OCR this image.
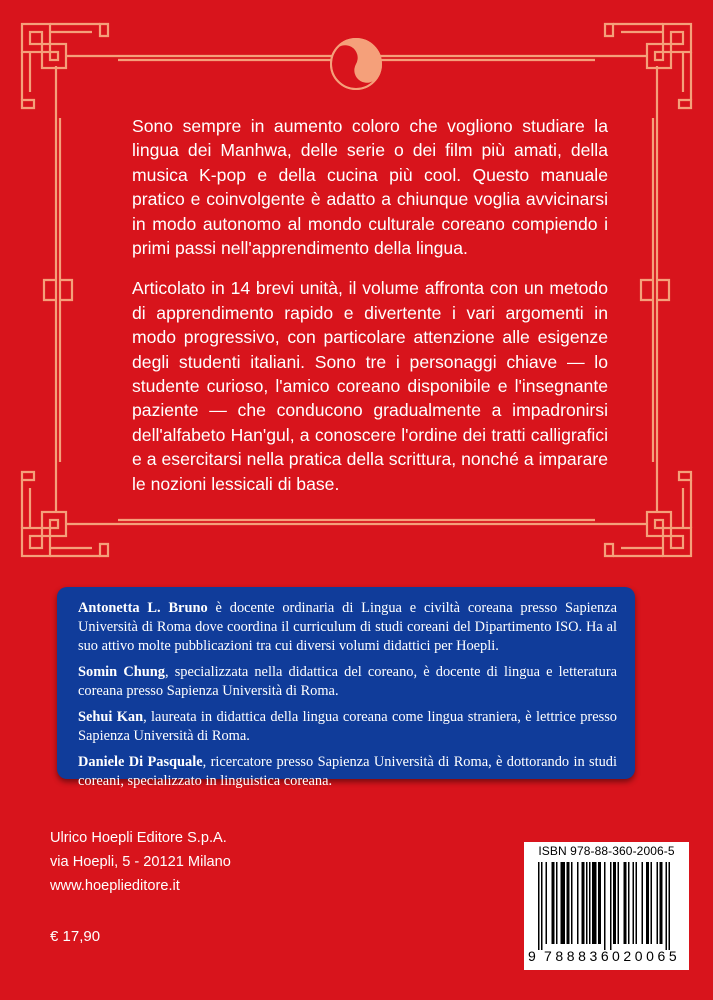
Sono sempre in aumento coloro che vogliono studiare la lingua dei Manhwa, delle serie o dei film più amati, della musica K-pop e della cucina più cool. Questo manuale pratico e coinvolgente è adatto a chiunque voglia avvicinarsi in modo autonomo al mondo culturale coreano compiendo i primi passi nell'apprendimento della lingua.

Articolato in 14 brevi unità, il volume affronta con un metodo di apprendimento rapido e divertente i vari argomenti in modo progressivo, con particolare attenzione alle esigenze degli studenti italiani. Sono tre i personaggi chiave — lo studente curioso, l'amico coreano disponibile e l'insegnante paziente — che conducono gradualmente a impadronirsi dell'alfabeto Han'gul, a conoscere l'ordine dei tratti calligrafici e a esercitarsi nella pratica della scrittura, nonché a imparare le nozioni lessicali di base.

Antonetta L. Bruno è docente ordinaria di Lingua e civiltà coreana presso Sapienza Università di Roma dove coordina il curriculum di studi coreani del Dipartimento ISO. Ha al suo attivo molte pubblicazioni tra cui diversi volumi didattici per Hoepli.

Somin Chung, specializzata nella didattica del coreano, è docente di lingua e letteratura coreana presso Sapienza Università di Roma.

Sehui Kan, laureata in didattica della lingua coreana come lingua straniera, è lettrice presso Sapienza Università di Roma.

Daniele Di Pasquale, ricercatore presso Sapienza Università di Roma, è dottorando in studi coreani, specializzato in linguistica coreana.

Ulrico Hoepli Editore S.p.A.
via Hoepli, 5 - 20121 Milano
www.hoeplieditore.it
€ 17,90
ISBN 978-88-360-2006-5
9 788836 020065
